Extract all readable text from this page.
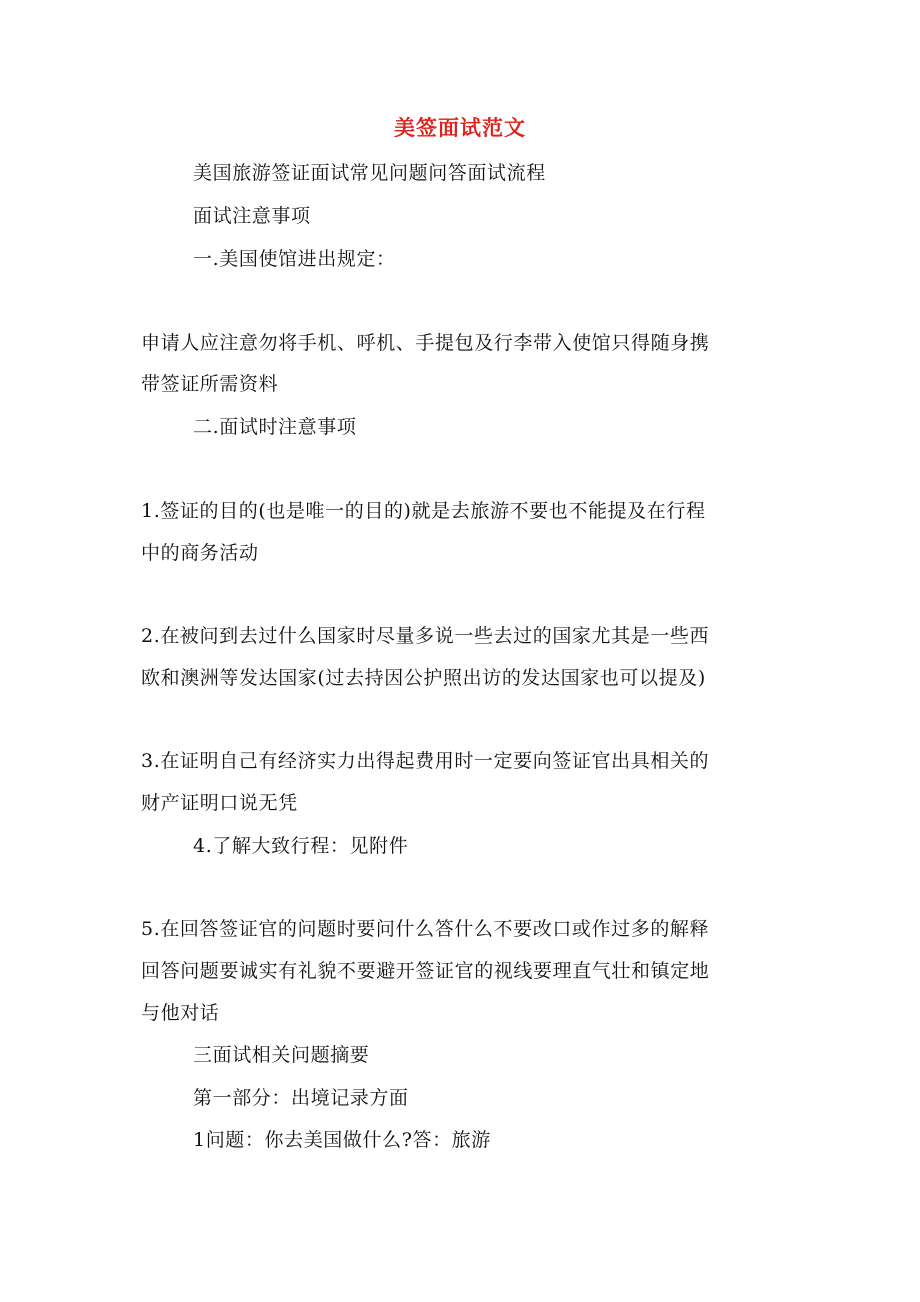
美签面试范文
美国旅游签证面试常见问题问答面试流程
面试注意事项
一.美国使馆进出规定：
申请人应注意勿将手机、呼机、手提包及行李带入使馆只得随身携
带签证所需资料
二.面试时注意事项
1.签证的目的(也是唯一的目的)就是去旅游不要也不能提及在行程
中的商务活动
2.在被问到去过什么国家时尽量多说一些去过的国家尤其是一些西
欧和澳洲等发达国家(过去持因公护照出访的发达国家也可以提及)
3.在证明自己有经济实力出得起费用时一定要向签证官出具相关的
财产证明口说无凭
4.了解大致行程：见附件
5.在回答签证官的问题时要问什么答什么不要改口或作过多的解释
回答问题要诚实有礼貌不要避开签证官的视线要理直气壮和镇定地
与他对话
三面试相关问题摘要
第一部分：出境记录方面
1问题：你去美国做什么?答：旅游
